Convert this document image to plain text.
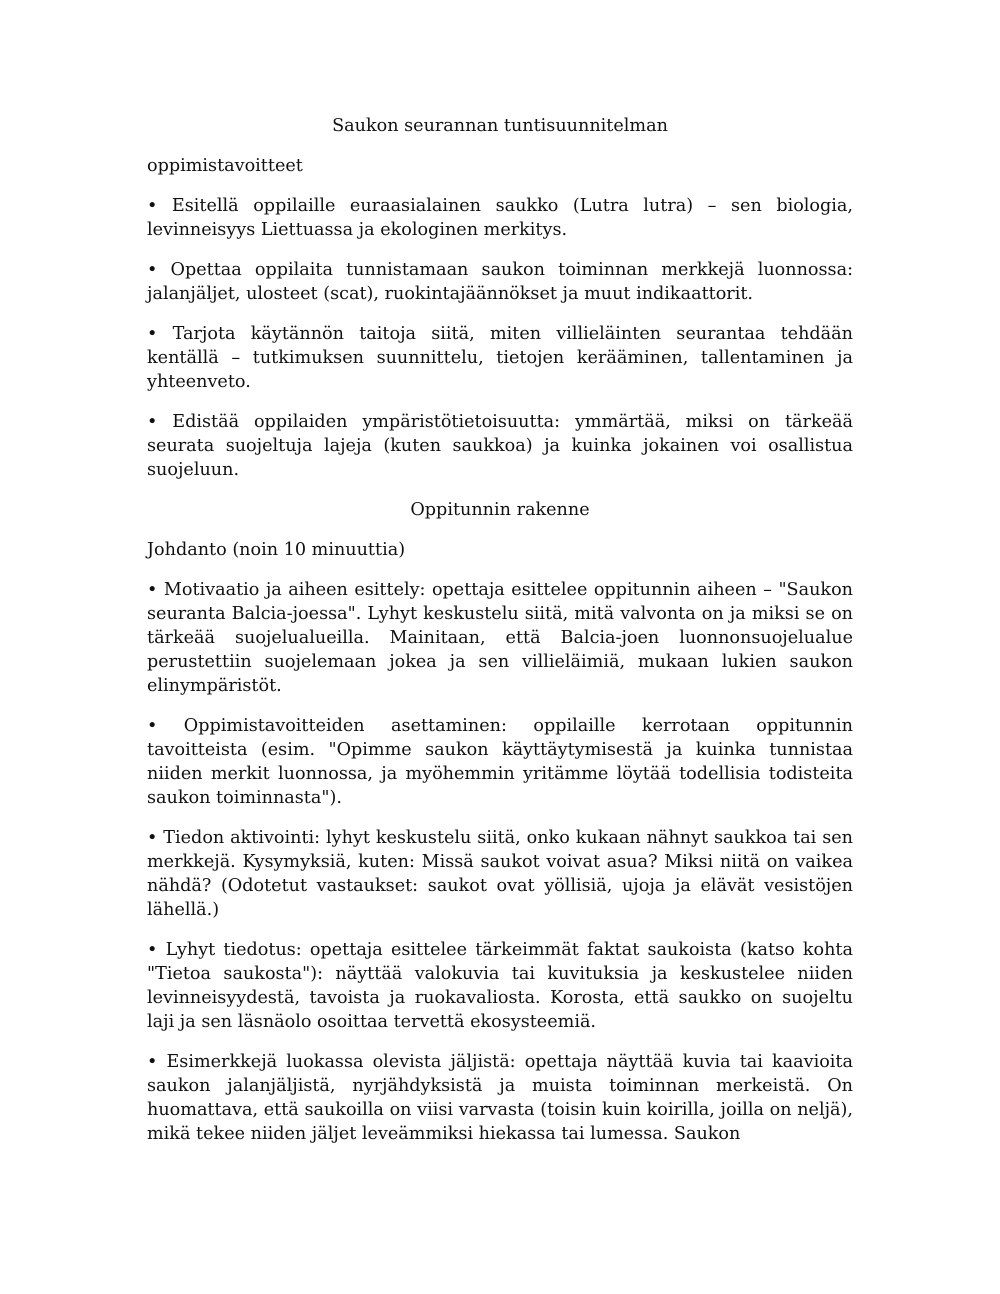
Saukon seurannan tuntisuunnitelman
oppimistavoitteet

• Esitellä oppilaille euraasialainen saukko (Lutra lutra) – sen biologia, levinneisyys Liettuassa ja ekologinen merkitys.

• Opettaa oppilaita tunnistamaan saukon toiminnan merkkejä luonnossa: jalanjäljet, ulosteet (scat), ruokintajäännökset ja muut indikaattorit.

• Tarjota käytännön taitoja siitä, miten villieläinten seurantaa tehdään kentällä – tutkimuksen suunnittelu, tietojen kerääminen, tallentaminen ja yhteenveto.

• Edistää oppilaiden ympäristötietoisuutta: ymmärtää, miksi on tärkeää seurata suojeltuja lajeja (kuten saukkoa) ja kuinka jokainen voi osallistua suojeluun.

Oppitunnin rakenne
Johdanto (noin 10 minuuttia)

• Motivaatio ja aiheen esittely: opettaja esittelee oppitunnin aiheen – "Saukon seuranta Balcia-joessa". Lyhyt keskustelu siitä, mitä valvonta on ja miksi se on tärkeää suojelualueilla. Mainitaan, että Balcia-joen luonnonsuojelualue perustettiin suojelemaan jokea ja sen villieläimiä, mukaan lukien saukon elinympäristöt.

• Oppimistavoitteiden asettaminen: oppilaille kerrotaan oppitunnin tavoitteista (esim. "Opimme saukon käyttäytymisestä ja kuinka tunnistaa niiden merkit luonnossa, ja myöhemmin yritämme löytää todellisia todisteita saukon toiminnasta").

• Tiedon aktivointi: lyhyt keskustelu siitä, onko kukaan nähnyt saukkoa tai sen merkkejä. Kysymyksiä, kuten: Missä saukot voivat asua? Miksi niitä on vaikea nähdä? (Odotetut vastaukset: saukot ovat yöllisiä, ujoja ja elävät vesistöjen lähellä.)

• Lyhyt tiedotus: opettaja esittelee tärkeimmät faktat saukoista (katso kohta "Tietoa saukosta"): näyttää valokuvia tai kuvituksia ja keskustelee niiden levinneisyydestä, tavoista ja ruokavaliosta. Korosta, että saukko on suojeltu laji ja sen läsnäolo osoittaa tervettä ekosysteemiä.

• Esimerkkejä luokassa olevista jäljistä: opettaja näyttää kuvia tai kaavioita saukon jalanjäljistä, nyrjähdyksistä ja muista toiminnan merkeistä. On huomattava, että saukoilla on viisi varvasta (toisin kuin koirilla, joilla on neljä), mikä tekee niiden jäljet leveämmiksi hiekassa tai lumessa. Saukon
